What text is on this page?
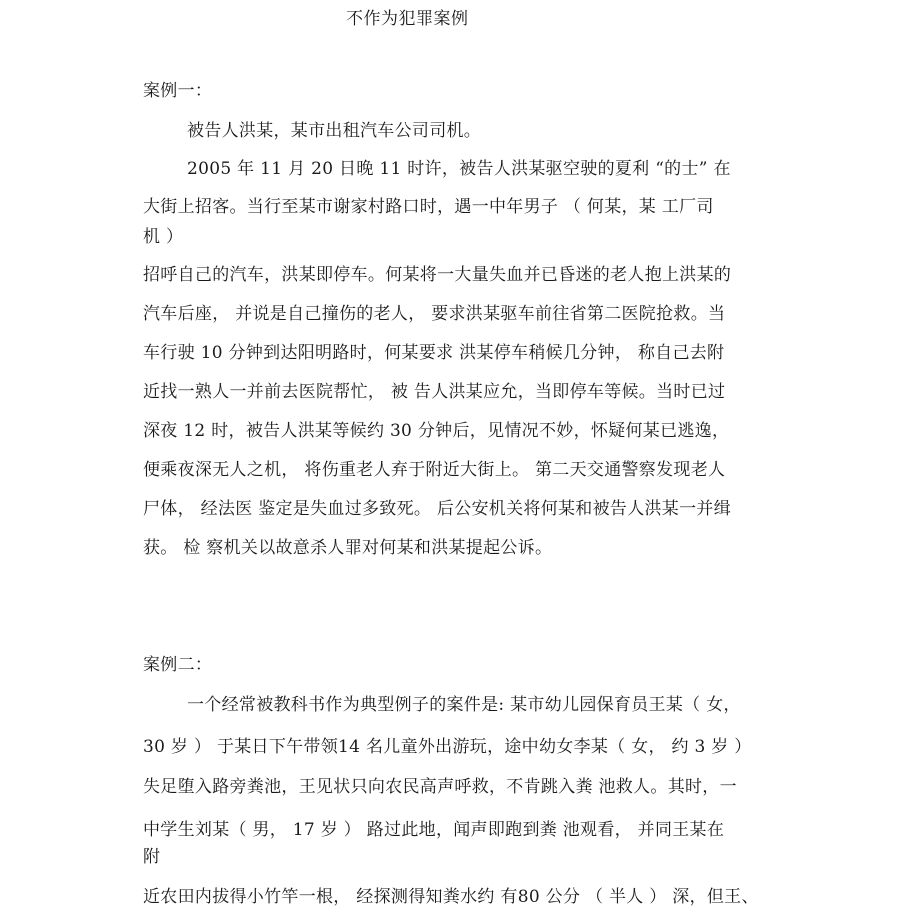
不作为犯罪案例
案例一：
被告人洪某，某市出租汽车公司司机。
2005 年 11 月 20 日晚 11 时许，被告人洪某驱空驶的夏利 “的士” 在
大街上招客。当行至某市谢家村路口时，遇一中年男子 （ 何某，某 工厂司
机 ）
招呼自己的汽车，洪某即停车。何某将一大量失血并已昏迷的老人抱上洪某的
汽车后座， 并说是自己撞伤的老人， 要求洪某驱车前往省第二医院抢救。当
车行驶 10 分钟到达阳明路时，何某要求 洪某停车稍候几分钟， 称自己去附
近找一熟人一并前去医院帮忙， 被 告人洪某应允，当即停车等候。当时已过
深夜 12 时，被告人洪某等候约 30 分钟后，见情况不妙，怀疑何某已逃逸，
便乘夜深无人之机， 将伤重老人弃于附近大街上。 第二天交通警察发现老人
尸体， 经法医 鉴定是失血过多致死。 后公安机关将何某和被告人洪某一并缉
获。 检 察机关以故意杀人罪对何某和洪某提起公诉。
案例二：
一个经常被教科书作为典型例子的案件是: 某市幼儿园保育员王某（ 女，
30 岁 ） 于某日下午带领14 名儿童外出游玩，途中幼女李某（ 女， 约 3 岁 ）
失足堕入路旁粪池，王见状只向农民高声呼救，不肯跳入粪 池救人。其时，一
中学生刘某（ 男， 17 岁 ） 路过此地，闻声即跑到粪 池观看， 并同王某在
附
近农田内拔得小竹竿一根， 经探测得知粪水约 有80 公分 （ 半人 ） 深，但王、
